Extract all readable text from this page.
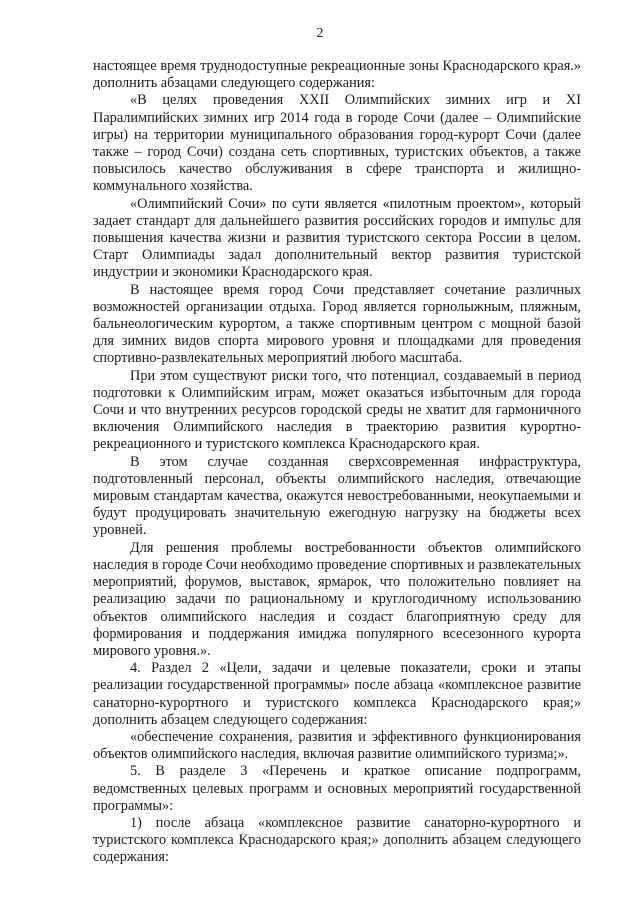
2

настоящее время труднодоступные рекреационные зоны Краснодарского края.» дополнить абзацами следующего содержания:

«В целях проведения XXII Олимпийских зимних игр и XI Паралимпийских зимних игр 2014 года в городе Сочи (далее – Олимпийские игры) на территории муниципального образования город-курорт Сочи (далее также – город Сочи) создана сеть спортивных, туристских объектов, а также повысилось качество обслуживания в сфере транспорта и жилищно-коммунального хозяйства.

«Олимпийский Сочи» по сути является «пилотным проектом», который задает стандарт для дальнейшего развития российских городов и импульс для повышения качества жизни и развития туристского сектора России в целом. Старт Олимпиады задал дополнительный вектор развития туристской индустрии и экономики Краснодарского края.

В настоящее время город Сочи представляет сочетание различных возможностей организации отдыха. Город является горнолыжным, пляжным, бальнеологическим курортом, а также спортивным центром с мощной базой для зимних видов спорта мирового уровня и площадками для проведения спортивно-развлекательных мероприятий любого масштаба.

При этом существуют риски того, что потенциал, создаваемый в период подготовки к Олимпийским играм, может оказаться избыточным для города Сочи и что внутренних ресурсов городской среды не хватит для гармоничного включения Олимпийского наследия в траекторию развития курортно-рекреационного и туристского комплекса Краснодарского края.

В этом случае созданная сверхсовременная инфраструктура, подготовленный персонал, объекты олимпийского наследия, отвечающие мировым стандартам качества, окажутся невостребованными, неокупаемыми и будут продуцировать значительную ежегодную нагрузку на бюджеты всех уровней.

Для решения проблемы востребованности объектов олимпийского наследия в городе Сочи необходимо проведение спортивных и развлекательных мероприятий, форумов, выставок, ярмарок, что положительно повлияет на реализацию задачи по рациональному и круглогодичному использованию объектов олимпийского наследия и создаст благоприятную среду для формирования и поддержания имиджа популярного всесезонного курорта мирового уровня.».

4. Раздел 2 «Цели, задачи и целевые показатели, сроки и этапы реализации государственной программы» после абзаца «комплексное развитие санаторно-курортного и туристского комплекса Краснодарского края;» дополнить абзацем следующего содержания:

«обеспечение сохранения, развития и эффективного функционирования объектов олимпийского наследия, включая развитие олимпийского туризма;».

5. В разделе 3 «Перечень и краткое описание подпрограмм, ведомственных целевых программ и основных мероприятий государственной программы»:

1) после абзаца «комплексное развитие санаторно-курортного и туристского комплекса Краснодарского края;» дополнить абзацем следующего содержания:
